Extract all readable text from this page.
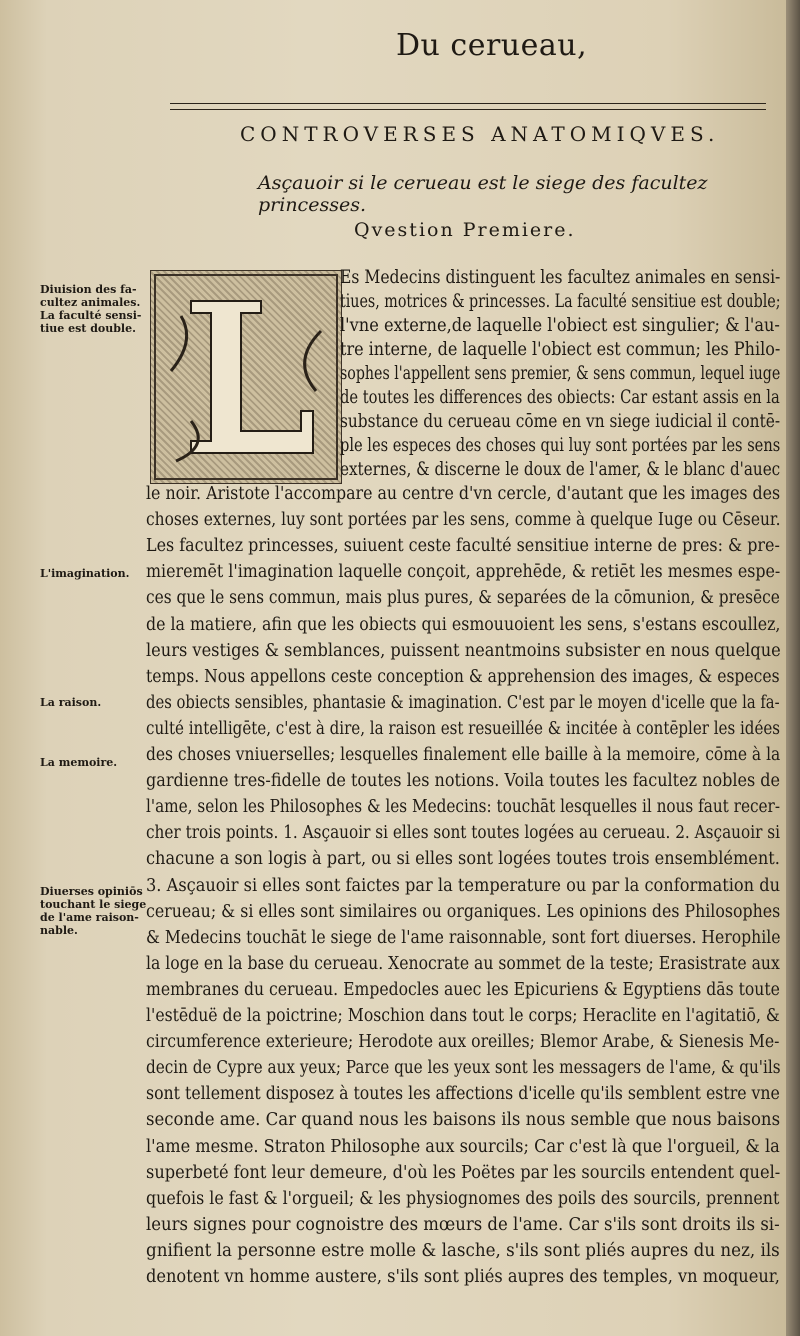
Du cerueau,
CONTROVERSES ANATOMIQVES.
Asçauoir si le cerueau est le siege des facultez princesses.
Qvestion Premiere.
Diuision des fa-
cultez animales.
La faculté sensi-
tiue est double.
L'imagination.
La raison.
La memoire.
Diuerses opiniōs
touchant le siege
de l'ame raison-
nable.
Es Medecins distinguent les facultez animales en sensi-
tiues, motrices & princesses. La faculté sensitiue est double;
l'vne externe,de laquelle l'obiect est singulier; & l'au-
tre interne, de laquelle l'obiect est commun; les Philo-
sophes l'appellent sens premier, & sens commun, lequel iuge
de toutes les differences des obiects: Car estant assis en la
substance du cerueau cōme en vn siege iudicial il contē-
ple les especes des choses qui luy sont portées par les sens
externes, & discerne le doux de l'amer, & le blanc d'auec
le noir. Aristote l'accompare au centre d'vn cercle, d'autant que les images des
choses externes, luy sont portées par les sens, comme à quelque Iuge ou Cēseur.
Les facultez princesses, suiuent ceste faculté sensitiue interne de pres: & pre-
mieremēt l'imagination laquelle conçoit, apprehēde, & retiēt les mesmes espe-
ces que le sens commun, mais plus pures, & separées de la cōmunion, & presēce
de la matiere, afin que les obiects qui esmouuoient les sens, s'estans escoullez,
leurs vestiges & semblances, puissent neantmoins subsister en nous quelque
temps. Nous appellons ceste conception & apprehension des images, & especes
des obiects sensibles, phantasie & imagination. C'est par le moyen d'icelle que la fa-
culté intelligēte, c'est à dire, la raison est resueillée & incitée à contēpler les idées
des choses vniuerselles; lesquelles finalement elle baille à la memoire, cōme à la
gardienne tres-fidelle de toutes les notions. Voila toutes les facultez nobles de
l'ame, selon les Philosophes & les Medecins: touchāt lesquelles il nous faut recer-
cher trois points. 1. Asçauoir si elles sont toutes logées au cerueau. 2. Asçauoir si
chacune a son logis à part, ou si elles sont logées toutes trois ensemblément.
3. Asçauoir si elles sont faictes par la temperature ou par la conformation du
cerueau; & si elles sont similaires ou organiques. Les opinions des Philosophes
& Medecins touchāt le siege de l'ame raisonnable, sont fort diuerses. Herophile
la loge en la base du cerueau. Xenocrate au sommet de la teste; Erasistrate aux
membranes du cerueau. Empedocles auec les Epicuriens & Egyptiens dās toute
l'estēduë de la poictrine; Moschion dans tout le corps; Heraclite en l'agitatiō, &
circumference exterieure; Herodote aux oreilles; Blemor Arabe, & Sienesis Me-
decin de Cypre aux yeux; Parce que les yeux sont les messagers de l'ame, & qu'ils
sont tellement disposez à toutes les affections d'icelle qu'ils semblent estre vne
seconde ame. Car quand nous les baisons ils nous semble que nous baisons
l'ame mesme. Straton Philosophe aux sourcils; Car c'est là que l'orgueil, & la
superbeté font leur demeure, d'où les Poëtes par les sourcils entendent quel-
quefois le fast & l'orgueil; & les physiognomes des poils des sourcils, prennent
leurs signes pour cognoistre des mœurs de l'ame. Car s'ils sont droits ils si-
gnifient la personne estre molle & lasche, s'ils sont pliés aupres du nez, ils
denotent vn homme austere, s'ils sont pliés aupres des temples, vn moqueur,
